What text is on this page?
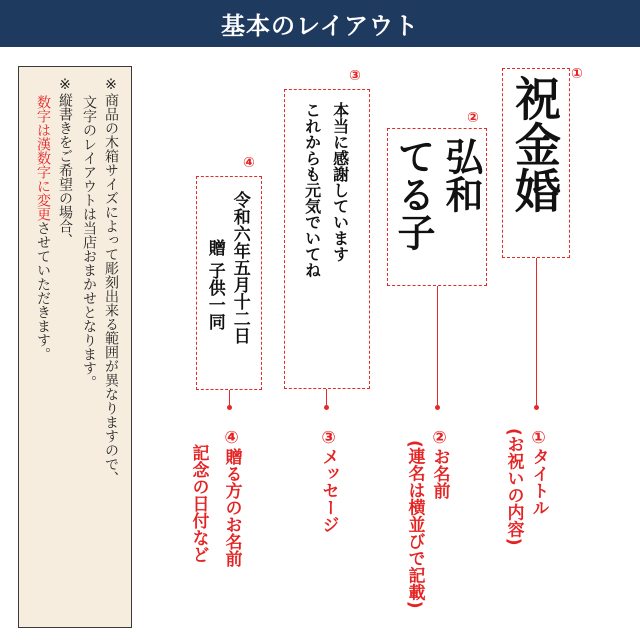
基本のレイアウト
※商品の木箱サイズによって彫刻出来る範囲が異なりますので、
文字のレイアウトは当店おまかせとなります。
※縦書きをご希望の場合、
数字は漢数字に変更させていただきます。
祝金婚
①
弘和
てる子
②
本当に感謝しています
これからも元気でいてね
③
令和六年五月十二日
贈 子供一同
④
①タイトル
(お祝いの内容)
②お名前
(連名は横並びで記載)
③メッセージ
④贈る方のお名前
記念の日付など
